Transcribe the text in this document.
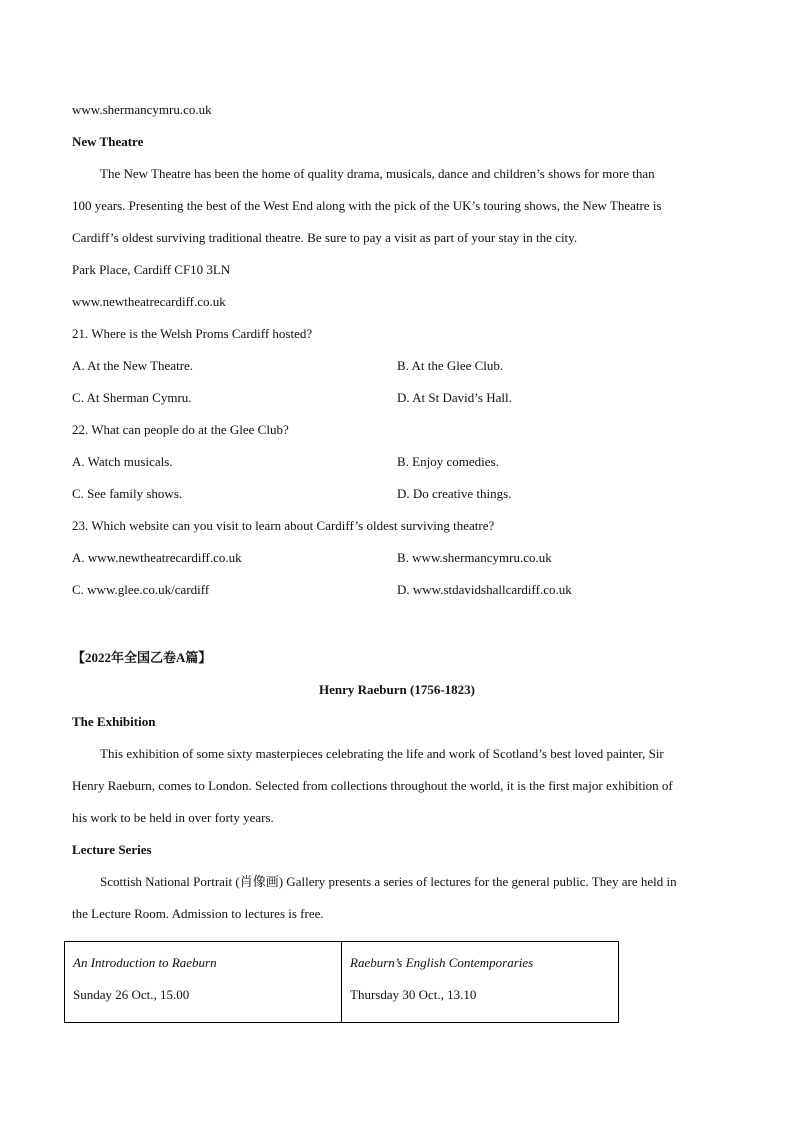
www.shermancymru.co.uk
New Theatre
The New Theatre has been the home of quality drama, musicals, dance and children’s shows for more than
100 years. Presenting the best of the West End along with the pick of the UK’s touring shows, the New Theatre is
Cardiff’s oldest surviving traditional theatre. Be sure to pay a visit as part of your stay in the city.
Park Place, Cardiff CF10 3LN
www.newtheatrecardiff.co.uk
21. Where is the Welsh Proms Cardiff hosted?
A. At the New Theatre.	B. At the Glee Club.
C. At Sherman Cymru.	D. At St David’s Hall.
22. What can people do at the Glee Club?
A. Watch musicals.	B. Enjoy comedies.
C. See family shows.	D. Do creative things.
23. Which website can you visit to learn about Cardiff’s oldest surviving theatre?
A. www.newtheatrecardiff.co.uk	B. www.shermancymru.co.uk
C. www.glee.co.uk/cardiff	D. www.stdavidshallcardiff.co.uk
【2022年全国乙卷A篇】
Henry Raeburn (1756-1823)
The Exhibition
This exhibition of some sixty masterpieces celebrating the life and work of Scotland’s best loved painter, Sir
Henry Raeburn, comes to London. Selected from collections throughout the world, it is the first major exhibition of
his work to be held in over forty years.
Lecture Series
Scottish National Portrait (肖像画) Gallery presents a series of lectures for the general public. They are held in
the Lecture Room. Admission to lectures is free.
An Introduction to Raeburn
Sunday 26 Oct., 15.00

Raeburn’s English Contemporaries
Thursday 30 Oct., 13.10
